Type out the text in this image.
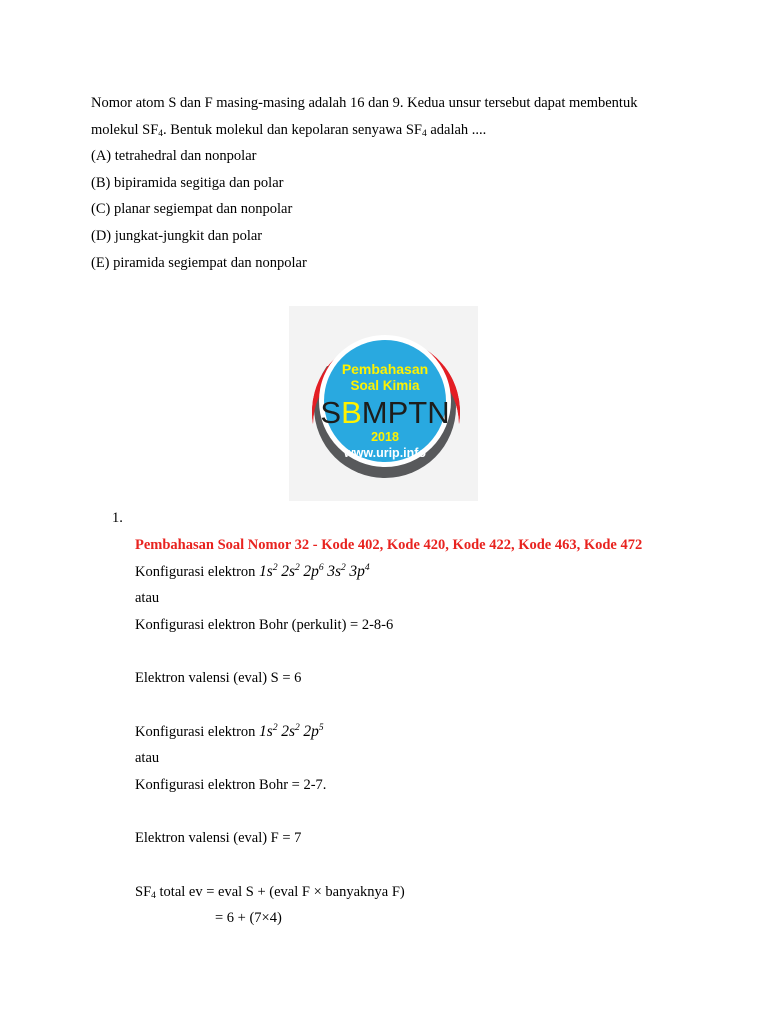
Nomor atom S dan F masing-masing adalah 16 dan 9. Kedua unsur tersebut dapat membentuk
molekul $SF_4$. Bentuk molekul dan kepolaran senyawa $SF_4$ adalah ....
(A) tetrahedral dan nonpolar
(B) bipiramida segitiga dan polar
(C) planar segiempat dan nonpolar
(D) jungkat-jungkit dan polar
(E) piramida segiempat dan nonpolar
Pembahasan
Soal Kimia
SBMPTN
2018
www.urip.info
1.
Pembahasan Soal Nomor 32 - Kode 402, Kode 420, Kode 422, Kode 463, Kode 472
Konfigurasi elektron $1s^2$ $2s^2$ $2p^6$ $3s^2$ $3p^4$
atau
Konfigurasi elektron Bohr (perkulit) = 2-8-6
Elektron valensi (eval) S = 6
Konfigurasi elektron $1s^2$ $2s^2$ $2p^5$
atau
Konfigurasi elektron Bohr = 2-7.
Elektron valensi (eval) F = 7
$SF_4$ total ev = eval S + (eval F × banyaknya F)
= 6 + (7×4)
